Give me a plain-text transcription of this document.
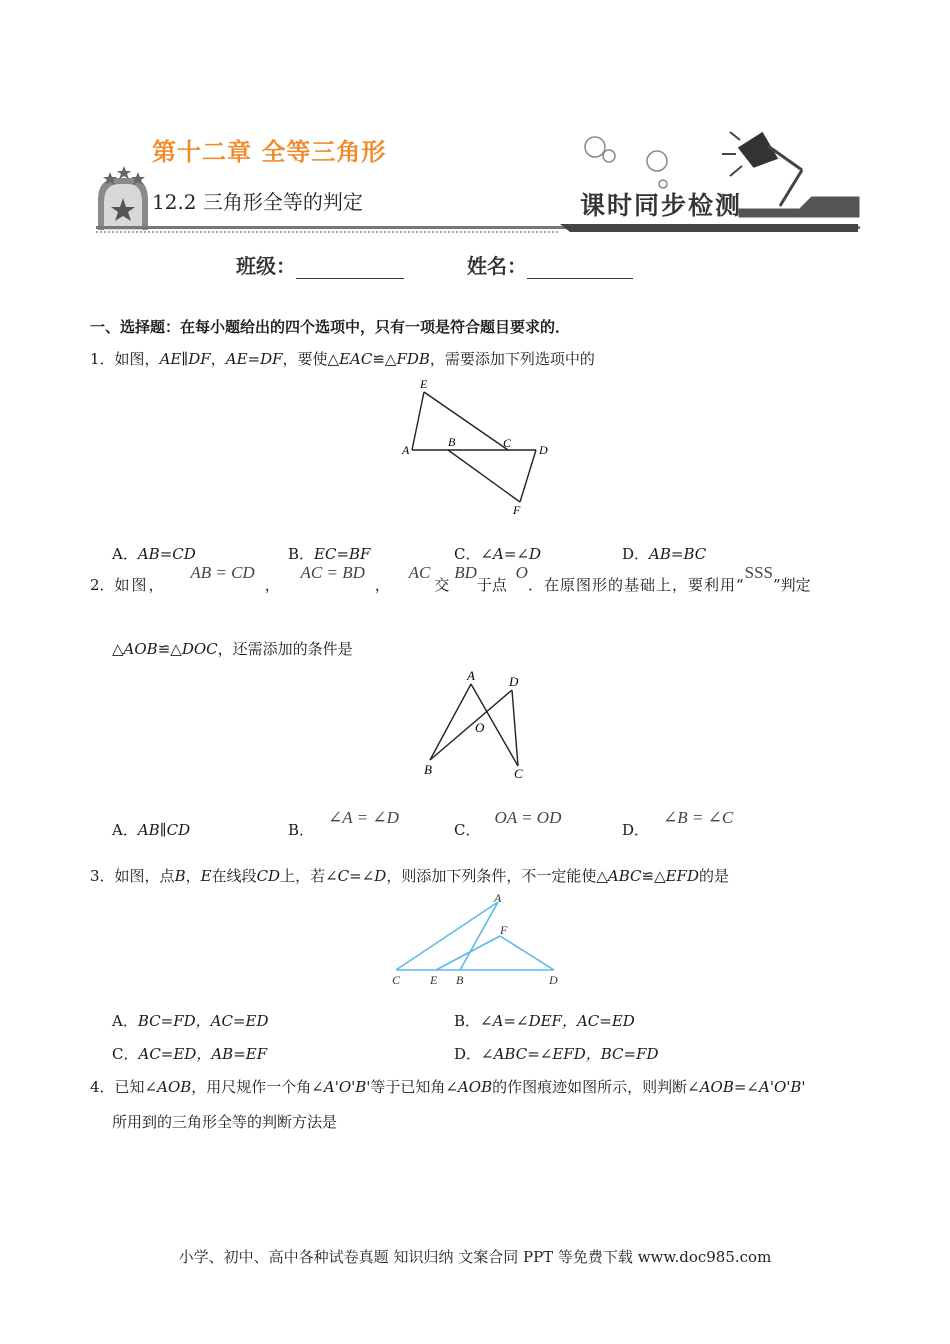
第十二章 全等三角形
12.2 三角形全等的判定	课时同步检测
班级：	姓名：
一、选择题：在每小题给出的四个选项中，只有一项是符合题目要求的．
1．如图，AE∥DF，AE=DF，要使△EAC≌△FDB，需要添加下列选项中的
E
A
B	C D
F
A．AB=CD	B．EC=BF	C．∠A=∠D	D．AB=BC
2．如图， AB = CD， AC = BD， AC交 BD于点 O．在原图形的基础上，要利用“SSS”判定
△AOB≌△DOC，还需添加的条件是
A	D
O
B	C
A．AB∥CD	B．∠A = ∠D
C．OA = OD
D．∠B = ∠C
3．如图，点B，E在线段CD上，若∠C=∠D，则添加下列条件，不一定能使△ABC≌△EFD的是
A
F
C E B	D
A．BC=FD，AC=ED	B．∠A=∠DEF，AC=ED
C．AC=ED，AB=EF	D．∠ABC=∠EFD，BC=FD
4．已知∠AOB，用尺规作一个角∠A'O'B'等于已知角∠AOB的作图痕迹如图所示，则判断∠AOB=∠A'O'B'
所用到的三角形全等的判断方法是
小学、初中、高中各种试卷真题 知识归纳 文案合同 PPT 等免费下载 www.doc985.com
